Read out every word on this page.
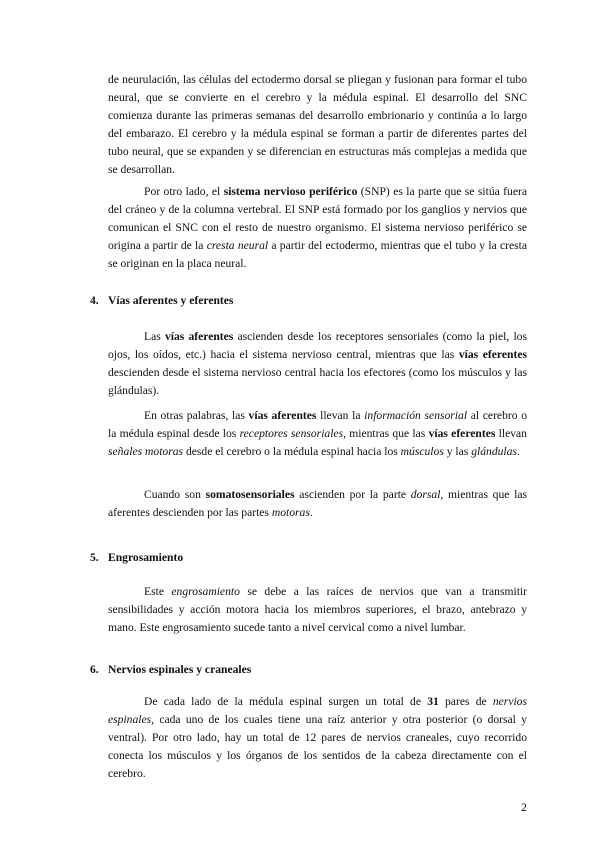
de neurulación, las células del ectodermo dorsal se pliegan y fusionan para formar el tubo neural, que se convierte en el cerebro y la médula espinal. El desarrollo del SNC comienza durante las primeras semanas del desarrollo embrionario y continúa a lo largo del embarazo. El cerebro y la médula espinal se forman a partir de diferentes partes del tubo neural, que se expanden y se diferencian en estructuras más complejas a medida que se desarrollan.

Por otro lado, el sistema nervioso periférico (SNP) es la parte que se sitúa fuera del cráneo y de la columna vertebral. El SNP está formado por los ganglios y nervios que comunican el SNC con el resto de nuestro organismo. El sistema nervioso periférico se origina a partir de la cresta neural a partir del ectodermo, mientras que el tubo y la cresta se originan en la placa neural.

4. Vías aferentes y eferentes

Las vías aferentes ascienden desde los receptores sensoriales (como la piel, los ojos, los oídos, etc.) hacia el sistema nervioso central, mientras que las vías eferentes descienden desde el sistema nervioso central hacia los efectores (como los músculos y las glándulas).

En otras palabras, las vías aferentes llevan la información sensorial al cerebro o la médula espinal desde los receptores sensoriales, mientras que las vías eferentes llevan señales motoras desde el cerebro o la médula espinal hacia los músculos y las glándulas.

Cuando son somatosensoriales ascienden por la parte dorsal, mientras que las aferentes descienden por las partes motoras.

5. Engrosamiento

Este engrosamiento se debe a las raíces de nervios que van a transmitir sensibilidades y acción motora hacia los miembros superiores, el brazo, antebrazo y mano. Este engrosamiento sucede tanto a nivel cervical como a nivel lumbar.

6. Nervios espinales y craneales

De cada lado de la médula espinal surgen un total de 31 pares de nervios espinales, cada uno de los cuales tiene una raíz anterior y otra posterior (o dorsal y ventral). Por otro lado, hay un total de 12 pares de nervios craneales, cuyo recorrido conecta los músculos y los órganos de los sentidos de la cabeza directamente con el cerebro.

2
